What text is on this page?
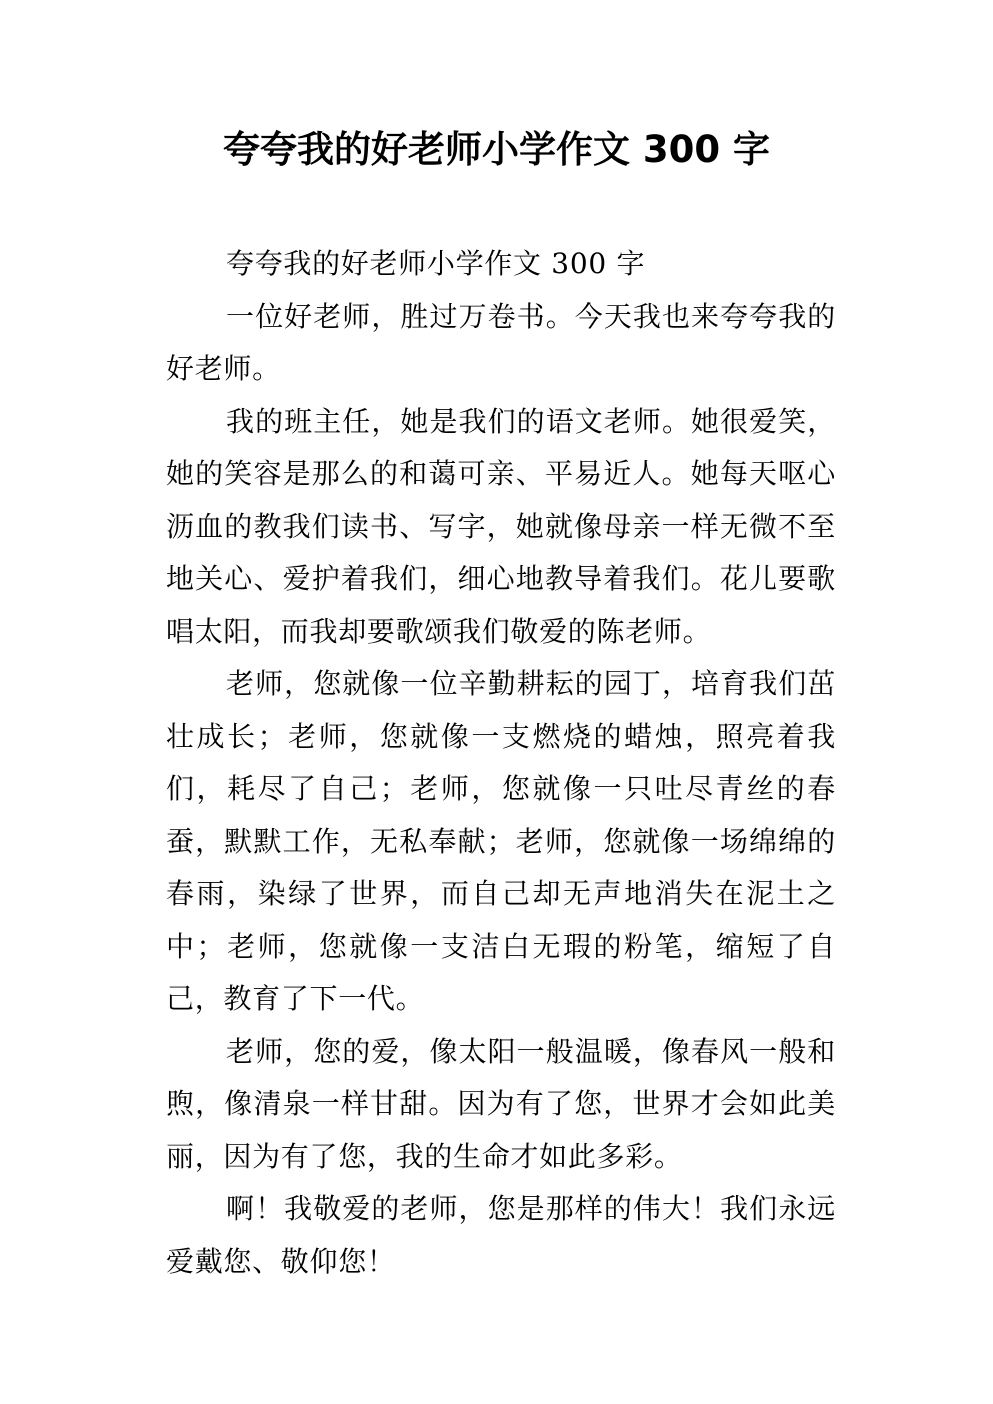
夸夸我的好老师小学作文 300 字

夸夸我的好老师小学作文 300 字

一位好老师，胜过万卷书。今天我也来夸夸我的好老师。

我的班主任，她是我们的语文老师。她很爱笑，她的笑容是那么的和蔼可亲、平易近人。她每天呕心沥血的教我们读书、写字，她就像母亲一样无微不至地关心、爱护着我们，细心地教导着我们。花儿要歌唱太阳，而我却要歌颂我们敬爱的陈老师。

老师，您就像一位辛勤耕耘的园丁，培育我们茁壮成长；老师，您就像一支燃烧的蜡烛，照亮着我们，耗尽了自己；老师，您就像一只吐尽青丝的春蚕，默默工作，无私奉献；老师，您就像一场绵绵的春雨，染绿了世界，而自己却无声地消失在泥土之中；老师，您就像一支洁白无瑕的粉笔，缩短了自己，教育了下一代。

老师，您的爱，像太阳一般温暖，像春风一般和煦，像清泉一样甘甜。因为有了您，世界才会如此美丽，因为有了您，我的生命才如此多彩。

啊！我敬爱的老师，您是那样的伟大！我们永远爱戴您、敬仰您！
